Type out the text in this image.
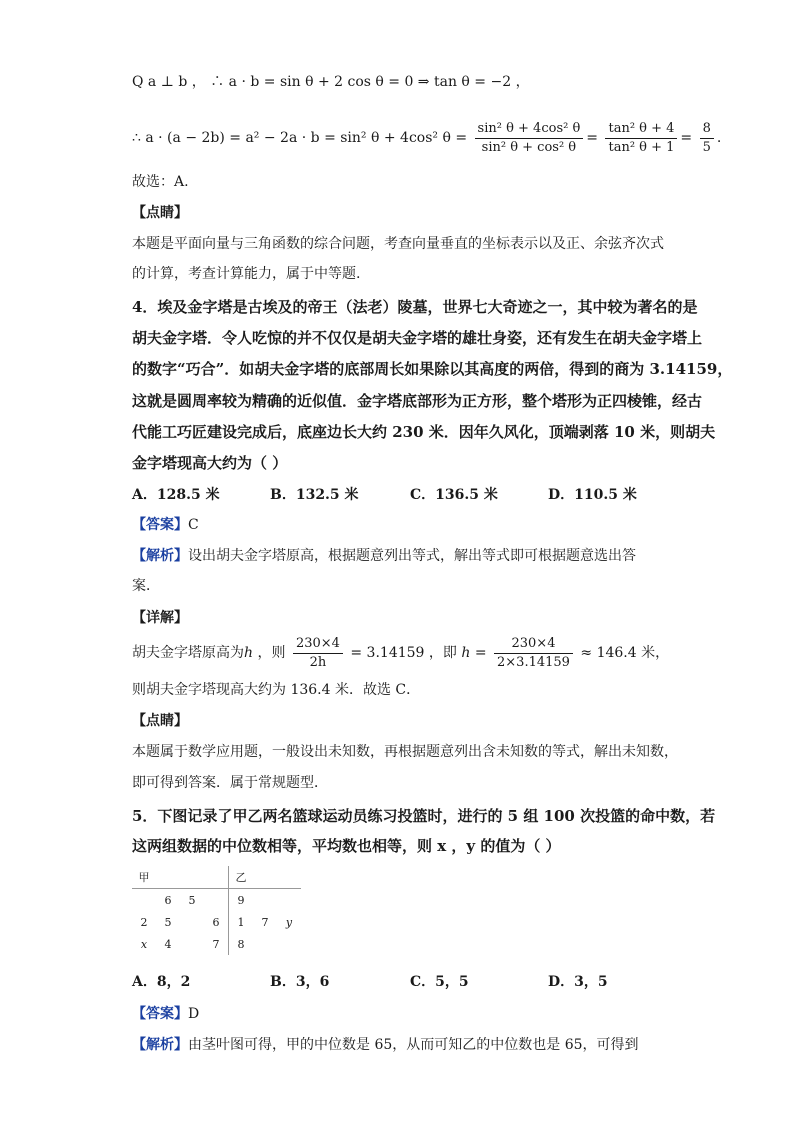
Q a ⊥ b ， ∴ a · b = sin θ + 2 cos θ = 0 ⇒ tan θ = −2 ，
∴ a · (a − 2b) = a² − 2a · b = sin² θ + 4cos² $\theta = \frac{\text{sin² θ + 4cos² θ}}{\text{sin² θ + cos² θ}} = \frac{\text{tan² θ + 4}}{\text{tan² θ + 1}} = \frac{8}{5}$ .
故选：A.
【点睛】
本题是平面向量与三角函数的综合问题，考查向量垂直的坐标表示以及正、余弦齐次式
的计算，考查计算能力，属于中等题.
4．埃及金字塔是古埃及的帝王（法老）陵墓，世界七大奇迹之一，其中较为著名的是
胡夫金字塔．令人吃惊的并不仅仅是胡夫金字塔的雄壮身姿，还有发生在胡夫金字塔上
的数字“巧合”．如胡夫金字塔的底部周长如果除以其高度的两倍，得到的商为 3.14159，
这就是圆周率较为精确的近似值．金字塔底部形为正方形，整个塔形为正四棱锥，经古
代能工巧匠建设完成后，底座边长大约 230 米．因年久风化，顶端剥落 10 米，则胡夫
金字塔现高大约为（ ）
A．128.5 米	B．132.5 米	C．136.5 米	D．110.5 米
【答案】C
【解析】设出胡夫金字塔原高，根据题意列出等式，解出等式即可根据题意选出答
案．
【详解】
胡夫金字塔原高为h ，则 $\frac{230\times 4}{2h} = 3.14159$ ，即 $h = \frac{230\times 4}{2\times 3.14159} \approx 146.4$ 米，
则胡夫金字塔现高大约为 136.4 米．故选 C．
【点睛】
本题属于数学应用题，一般设出未知数，再根据题意列出含未知数的等式，解出未知数，
即可得到答案．属于常规题型．
5．下图记录了甲乙两名篮球运动员练习投篮时，进行的 5 组 100 次投篮的命中数，若
这两组数据的中位数相等，平均数也相等，则 x ，y 的值为（ ）
甲				乙		
	6	5		9		
2	5		6	1	7	y
x	4		7	8		
A．8，2	B．3，6	C．5，5	D．3，5
【答案】D
【解析】由茎叶图可得，甲的中位数是 65，从而可知乙的中位数也是 65，可得到
